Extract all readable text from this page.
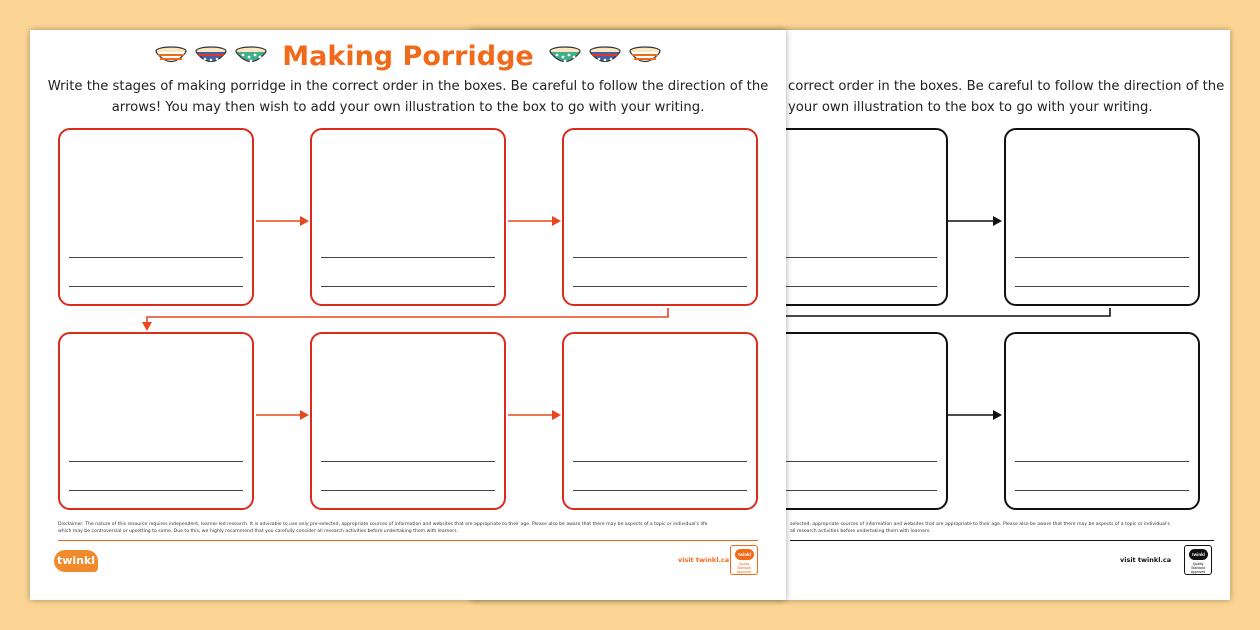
correct order in the boxes. Be careful to follow the direction of the
your own illustration to the box to go with your writing.
selected, appropriate sources of information and websites that are appropriate to their age. Please also be aware that there may be aspects of a topic or individual's
all research activities before undertaking them with learners.
visit twinkl.ca
twinkl
Quality Standard Approved
Making Porridge
Write the stages of making porridge in the correct order in the boxes. Be careful to follow the direction of the
arrows! You may then wish to add your own illustration to the box to go with your writing.
Disclaimer: The nature of this resource requires independent, learner-led research. It is advisable to use only pre-selected, appropriate sources of information and websites that are appropriate to their age. Please also be aware that there may be aspects of a topic or individual's life
which may be controversial or upsetting to some. Due to this, we highly recommend that you carefully consider all research activities before undertaking them with learners.
twinkl	visit twinkl.ca
twinkl
Quality Standard Approved
